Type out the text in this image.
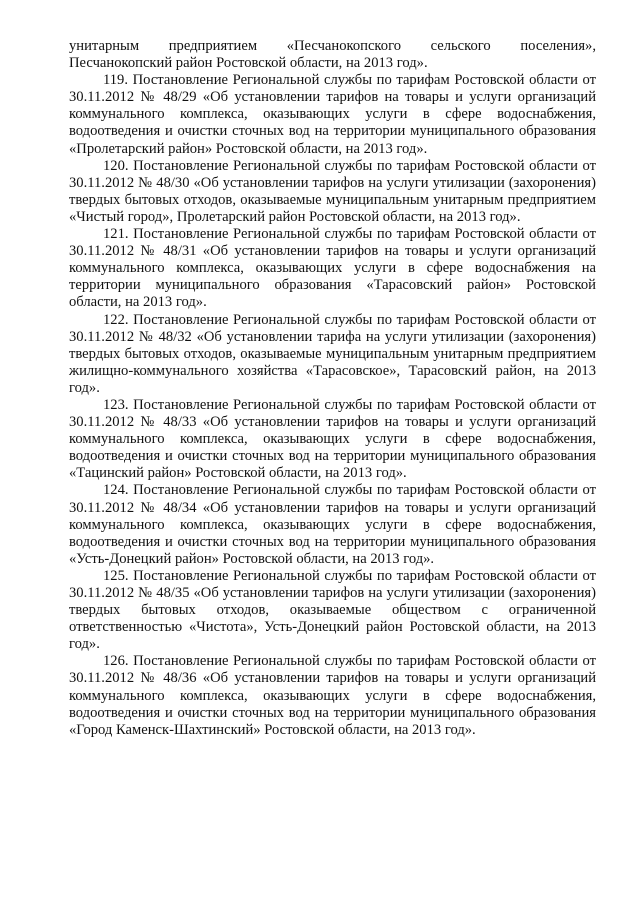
унитарным предприятием «Песчанокопского сельского поселения», Песчанокопский район Ростовской области, на 2013 год».

119. Постановление Региональной службы по тарифам Ростовской области от 30.11.2012 № 48/29 «Об установлении тарифов на товары и услуги организаций коммунального комплекса, оказывающих услуги в сфере водоснабжения, водоотведения и очистки сточных вод на территории муниципального образования «Пролетарский район» Ростовской области, на 2013 год».

120. Постановление Региональной службы по тарифам Ростовской области от 30.11.2012 № 48/30 «Об установлении тарифов на услуги утилизации (захоронения) твердых бытовых отходов, оказываемые муниципальным унитарным предприятием «Чистый город», Пролетарский район Ростовской области, на 2013 год».

121. Постановление Региональной службы по тарифам Ростовской области от 30.11.2012 № 48/31 «Об установлении тарифов на товары и услуги организаций коммунального комплекса, оказывающих услуги в сфере водоснабжения на территории муниципального образования «Тарасовский район» Ростовской области, на 2013 год».

122. Постановление Региональной службы по тарифам Ростовской области от 30.11.2012 № 48/32 «Об установлении тарифа на услуги утилизации (захоронения) твердых бытовых отходов, оказываемые муниципальным унитарным предприятием жилищно-коммунального хозяйства «Тарасовское», Тарасовский район, на 2013 год».

123. Постановление Региональной службы по тарифам Ростовской области от 30.11.2012 № 48/33 «Об установлении тарифов на товары и услуги организаций коммунального комплекса, оказывающих услуги в сфере водоснабжения, водоотведения и очистки сточных вод на территории муниципального образования «Тацинский район» Ростовской области, на 2013 год».

124. Постановление Региональной службы по тарифам Ростовской области от 30.11.2012 № 48/34 «Об установлении тарифов на товары и услуги организаций коммунального комплекса, оказывающих услуги в сфере водоснабжения, водоотведения и очистки сточных вод на территории муниципального образования «Усть-Донецкий район» Ростовской области, на 2013 год».

125. Постановление Региональной службы по тарифам Ростовской области от 30.11.2012 № 48/35 «Об установлении тарифов на услуги утилизации (захоронения) твердых бытовых отходов, оказываемые обществом с ограниченной ответственностью «Чистота», Усть-Донецкий район Ростовской области, на 2013 год».

126. Постановление Региональной службы по тарифам Ростовской области от 30.11.2012 № 48/36 «Об установлении тарифов на товары и услуги организаций коммунального комплекса, оказывающих услуги в сфере водоснабжения, водоотведения и очистки сточных вод на территории муниципального образования «Город Каменск-Шахтинский» Ростовской области, на 2013 год».
